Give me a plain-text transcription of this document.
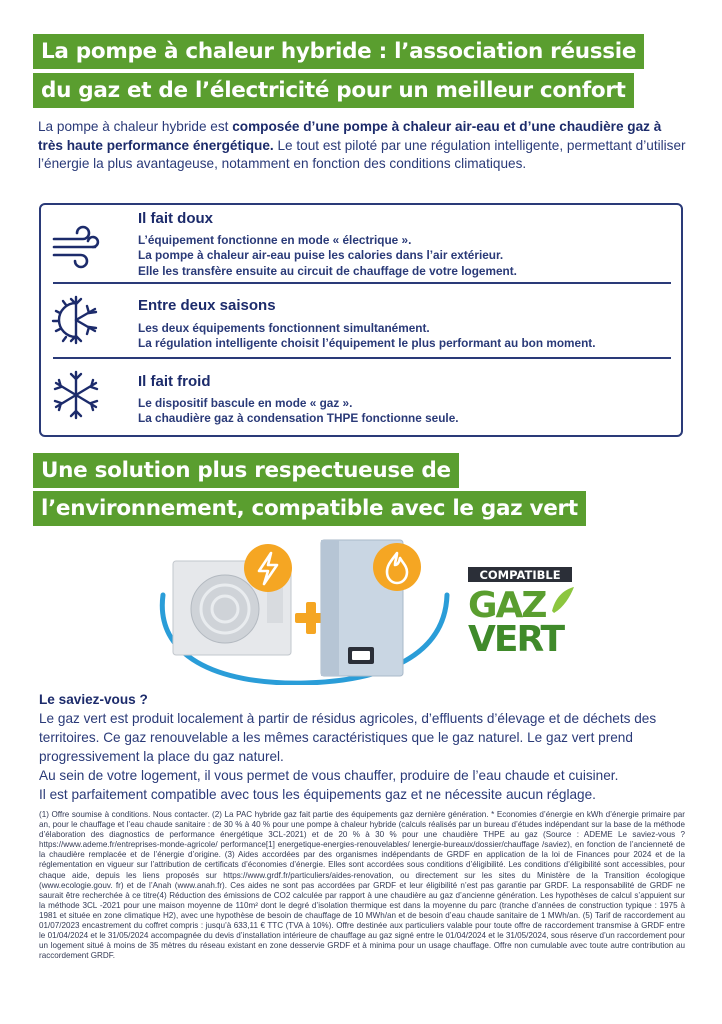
La pompe à chaleur hybride : l’association réussie
du gaz et de l’électricité pour un meilleur confort

La pompe à chaleur hybride est composée d’une pompe à chaleur air-eau et d’une chaudière gaz à très haute performance énergétique. Le tout est piloté par une régulation intelligente, permettant d’utiliser l’énergie la plus avantageuse, notamment en fonction des conditions climatiques.

Il fait doux
L’équipement fonctionne en mode « électrique ».
La pompe à chaleur air-eau puise les calories dans l’air extérieur.
Elle les transfère ensuite au circuit de chauffage de votre logement.
Entre deux saisons
Les deux équipements fonctionnent simultanément.
La régulation intelligente choisit l’équipement le plus performant au bon moment.
Il fait froid
Le dispositif bascule en mode « gaz ».
La chaudière gaz à condensation THPE fonctionne seule.
Une solution plus respectueuse de
l’environnement, compatible avec le gaz vert
COMPATIBLE
GAZ
VERT
Le saviez-vous ?
Le gaz vert est produit localement à partir de résidus agricoles, d’effluents d’élevage et de déchets des territoires. Ce gaz renouvelable a les mêmes caractéristiques que le gaz naturel. Le gaz vert prend progressivement la place du gaz naturel.
Au sein de votre logement, il vous permet de vous chauffer, produire de l’eau chaude et cuisiner.
Il est parfaitement compatible avec tous les équipements gaz et ne nécessite aucun réglage.
(1) Offre soumise à conditions. Nous contacter. (2) La PAC hybride gaz fait partie des équipements gaz dernière génération. * Economies d’énergie en kWh d’énergie primaire par an, pour le chauffage et l’eau chaude sanitaire : de 30 % à 40 % pour une pompe à chaleur hybride (calculs réalisés par un bureau d’études indépendant sur la base de la méthode d’élaboration des diagnostics de performance énergétique 3CL-2021) et de 20 % à 30 % pour une chaudière THPE au gaz (Source : ADEME Le saviez-vous ? https://www.ademe.fr/entreprises-monde-agricole/ performance[1] energetique-energies-renouvelables/ lenergie-bureaux/dossier/chauffage /saviez), en fonction de l’ancienneté de la chaudière remplacée et de l’énergie d’origine. (3) Aides accordées par des organismes indépendants de GRDF en application de la loi de Finances pour 2024 et de la réglementation en vigueur sur l’attribution de certificats d’économies d’énergie. Elles sont accordées sous conditions d’éligibilité. Les conditions d’éligibilité sont accessibles, pour chaque aide, depuis les liens proposés sur https://www.grdf.fr/particuliers/aides-renovation, ou directement sur les sites du Ministère de la Transition écologique (www.ecologie.gouv. fr) et de l’Anah (www.anah.fr). Ces aides ne sont pas accordées par GRDF et leur éligibilité n’est pas garantie par GRDF. La responsabilité de GRDF ne saurait être recherchée à ce titre(4) Réduction des émissions de CO2 calculée par rapport à une chaudière au gaz d’ancienne génération. Les hypothèses de calcul s’appuient sur la méthode 3CL -2021 pour une maison moyenne de 110m² dont le degré d’isolation thermique est dans la moyenne du parc (tranche d’années de construction typique : 1975 à 1981 et située en zone climatique H2), avec une hypothèse de besoin de chauffage de 10 MWh/an et de besoin d’eau chaude sanitaire de 1 MWh/an. (5) Tarif de raccordement au 01/07/2023 encastrement du coffret compris : jusqu’à 633,11 € TTC (TVA à 10%). Offre destinée aux particuliers valable pour toute offre de raccordement transmise à GRDF entre le 01/04/2024 et le 31/05/2024 accompagnée du devis d’installation intérieure de chauffage au gaz signé entre le 01/04/2024 et le 31/05/2024, sous réserve d’un raccordement pour un logement situé à moins de 35 mètres du réseau existant en zone desservie GRDF et à minima pour un usage chauffage. Offre non cumulable avec toute autre contribution au raccordement GRDF.
